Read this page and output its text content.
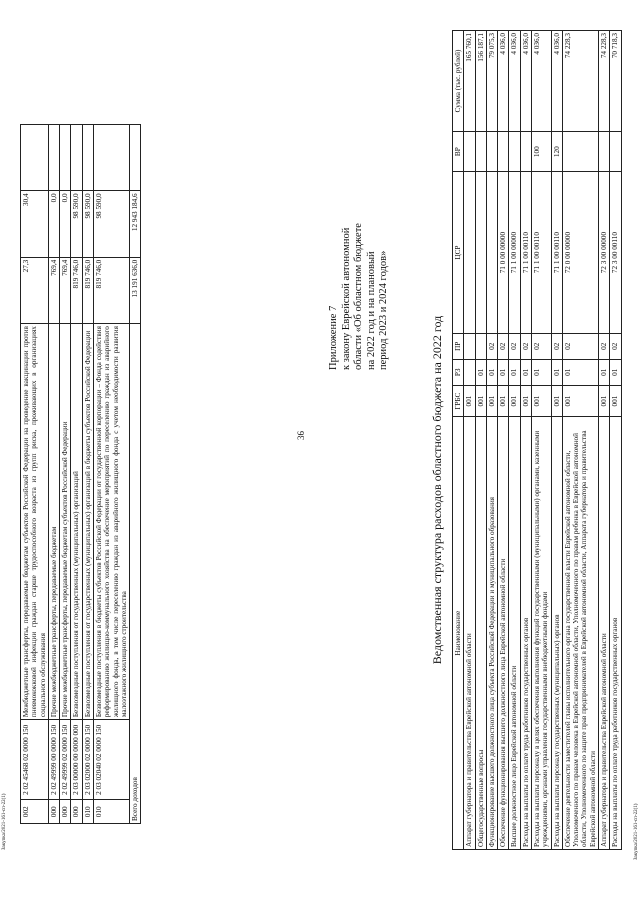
36
Закупка/2021-161-сп-22(1) 002	2 02 45468 02 0000 150	Межбюджетные трансферты, передаваемые бюджетам субъектов Российской Федерации на проведение вакцинации против пневмококковой инфекции граждан старше трудоспособного возраста из групп риска, проживающих в организациях социального обслуживания	27,3	30,4	
000	2 02 49999 00 0000 150	Прочие межбюджетные трансферты, передаваемые бюджетам	769,4	0,0	
000	2 02 49999 02 0000 150	Прочие межбюджетные трансферты, передаваемые бюджетам субъектов Российской Федерации	769,4	0,0	
000	2 03 00000 00 0000 000	Безвозмездные поступления от государственных (муниципальных) организаций	819 746,0	98 590,0	
010	2 03 02000 02 0000 150	Безвозмездные поступления от государственных (муниципальных) организаций в бюджеты субъектов Российской Федерации	819 746,0	98 590,0	
010	2 03 02040 02 0000 150	Безвозмездные поступления в бюджеты субъектов Российской Федерации от государственной корпорации – Фонда содействия реформированию жилищно-коммунального хозяйства на обеспечение мероприятий по переселению граждан из аварийного жилищного фонда, в том числе переселению граждан из аварийного жилищного фонда с учетом необходимости развития малоэтажного жилищного строительства	819 746,0	98 590,0	
Всего доходов			13 191 636,0	12 943 184,6	
Приложение 7 к закону Еврейской автономной области «Об областном бюджете на 2022 год и на плановый период 2023 и 2024 годов»
Ведомственная структура расходов областного бюджета на 2022 год
Закупка/2021-161-сп-22(1)
Наименование	ГРБС	РЗ	ПР	ЦСР	ВР	Сумма (тыс. рублей)
Аппарат губернатора и правительства Еврейской автономной области	001					165 760,1
Общегосударственные вопросы	001	01				156 187,1
Функционирование высшего должностного лица субъекта Российской Федерации и муниципального образования	001	01	02			79 075,3
Обеспечение функционирования высшего должностного лица Еврейской автономной области	001	01	02	71 0 00 00000		4 036,0
Высшее должностное лицо Еврейской автономной области	001	01	02	71 1 00 00000		4 036,0
Расходы на выплаты по оплате труда работников государственных органов	001	01	02	71 1 00 00110		4 036,0
Расходы на выплаты персоналу в целях обеспечения выполнения функций государственными (муниципальными) органами, казенными учреждениями, органами управления государственными внебюджетными фондами	001	01	02	71 1 00 00110	100	4 036,0
Расходы на выплаты персоналу государственных (муниципальных) органов	001	01	02	71 1 00 00110	120	4 036,0
Обеспечение деятельности заместителей главы исполнительного органа государственной власти Еврейской автономной области, Уполномоченного по правам человека в Еврейской автономной области, Уполномоченного по правам ребенка в Еврейской автономной области, Уполномоченного по защите прав предпринимателей в Еврейской автономной области, Аппарата губернатора и правительства Еврейской автономной области	001	01	02	72 0 00 00000		74 228,3
Аппарат губернатора и правительства Еврейской автономной области	001	01	02	72 3 00 00000		74 228,3
Расходы на выплаты по оплате труда работников государственных органов	001	01	02	72 3 00 00110		70 718,3
